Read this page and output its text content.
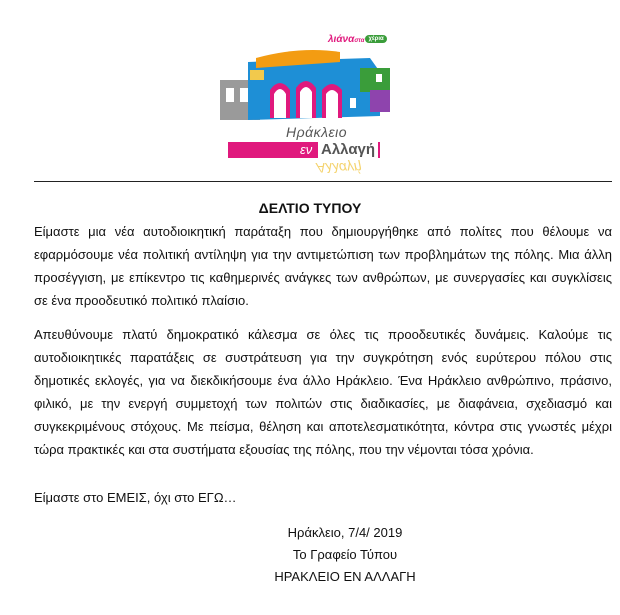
λιάναστα χέρια
Ηράκλειο
εν Αλλαγή
Αλλαγή
ΔΕΛΤΙΟ ΤΥΠΟΥ
Είμαστε μια νέα αυτοδιοικητική παράταξη που δημιουργήθηκε από πολίτες που θέλουμε να εφαρμόσουμε νέα πολιτική αντίληψη για την αντιμετώπιση των προβλημάτων της πόλης. Μια άλλη προσέγγιση, με επίκεντρο τις καθημερινές ανάγκες των ανθρώπων, με συνεργασίες και συγκλίσεις σε ένα προοδευτικό πολιτικό πλαίσιο.
Απευθύνουμε πλατύ δημοκρατικό κάλεσμα σε όλες τις προοδευτικές δυνάμεις. Καλούμε τις αυτοδιοικητικές παρατάξεις σε συστράτευση για την συγκρότηση ενός ευρύτερου πόλου στις δημοτικές εκλογές, για να διεκδικήσουμε ένα άλλο Ηράκλειο. Ένα Ηράκλειο ανθρώπινο, πράσινο, φιλικό, με την ενεργή συμμετοχή των πολιτών στις διαδικασίες, με διαφάνεια, σχεδιασμό και συγκεκριμένους στόχους. Με πείσμα, θέληση και αποτελεσματικότητα, κόντρα στις γνωστές μέχρι τώρα πρακτικές και στα συστήματα εξουσίας της πόλης, που την νέμονται τόσα χρόνια.
Είμαστε στο ΕΜΕΙΣ, όχι στο ΕΓΩ…
Ηράκλειο, 7/4/ 2019
Το Γραφείο Τύπου
ΗΡΑΚΛΕΙΟ ΕΝ ΑΛΛΑΓΗ
